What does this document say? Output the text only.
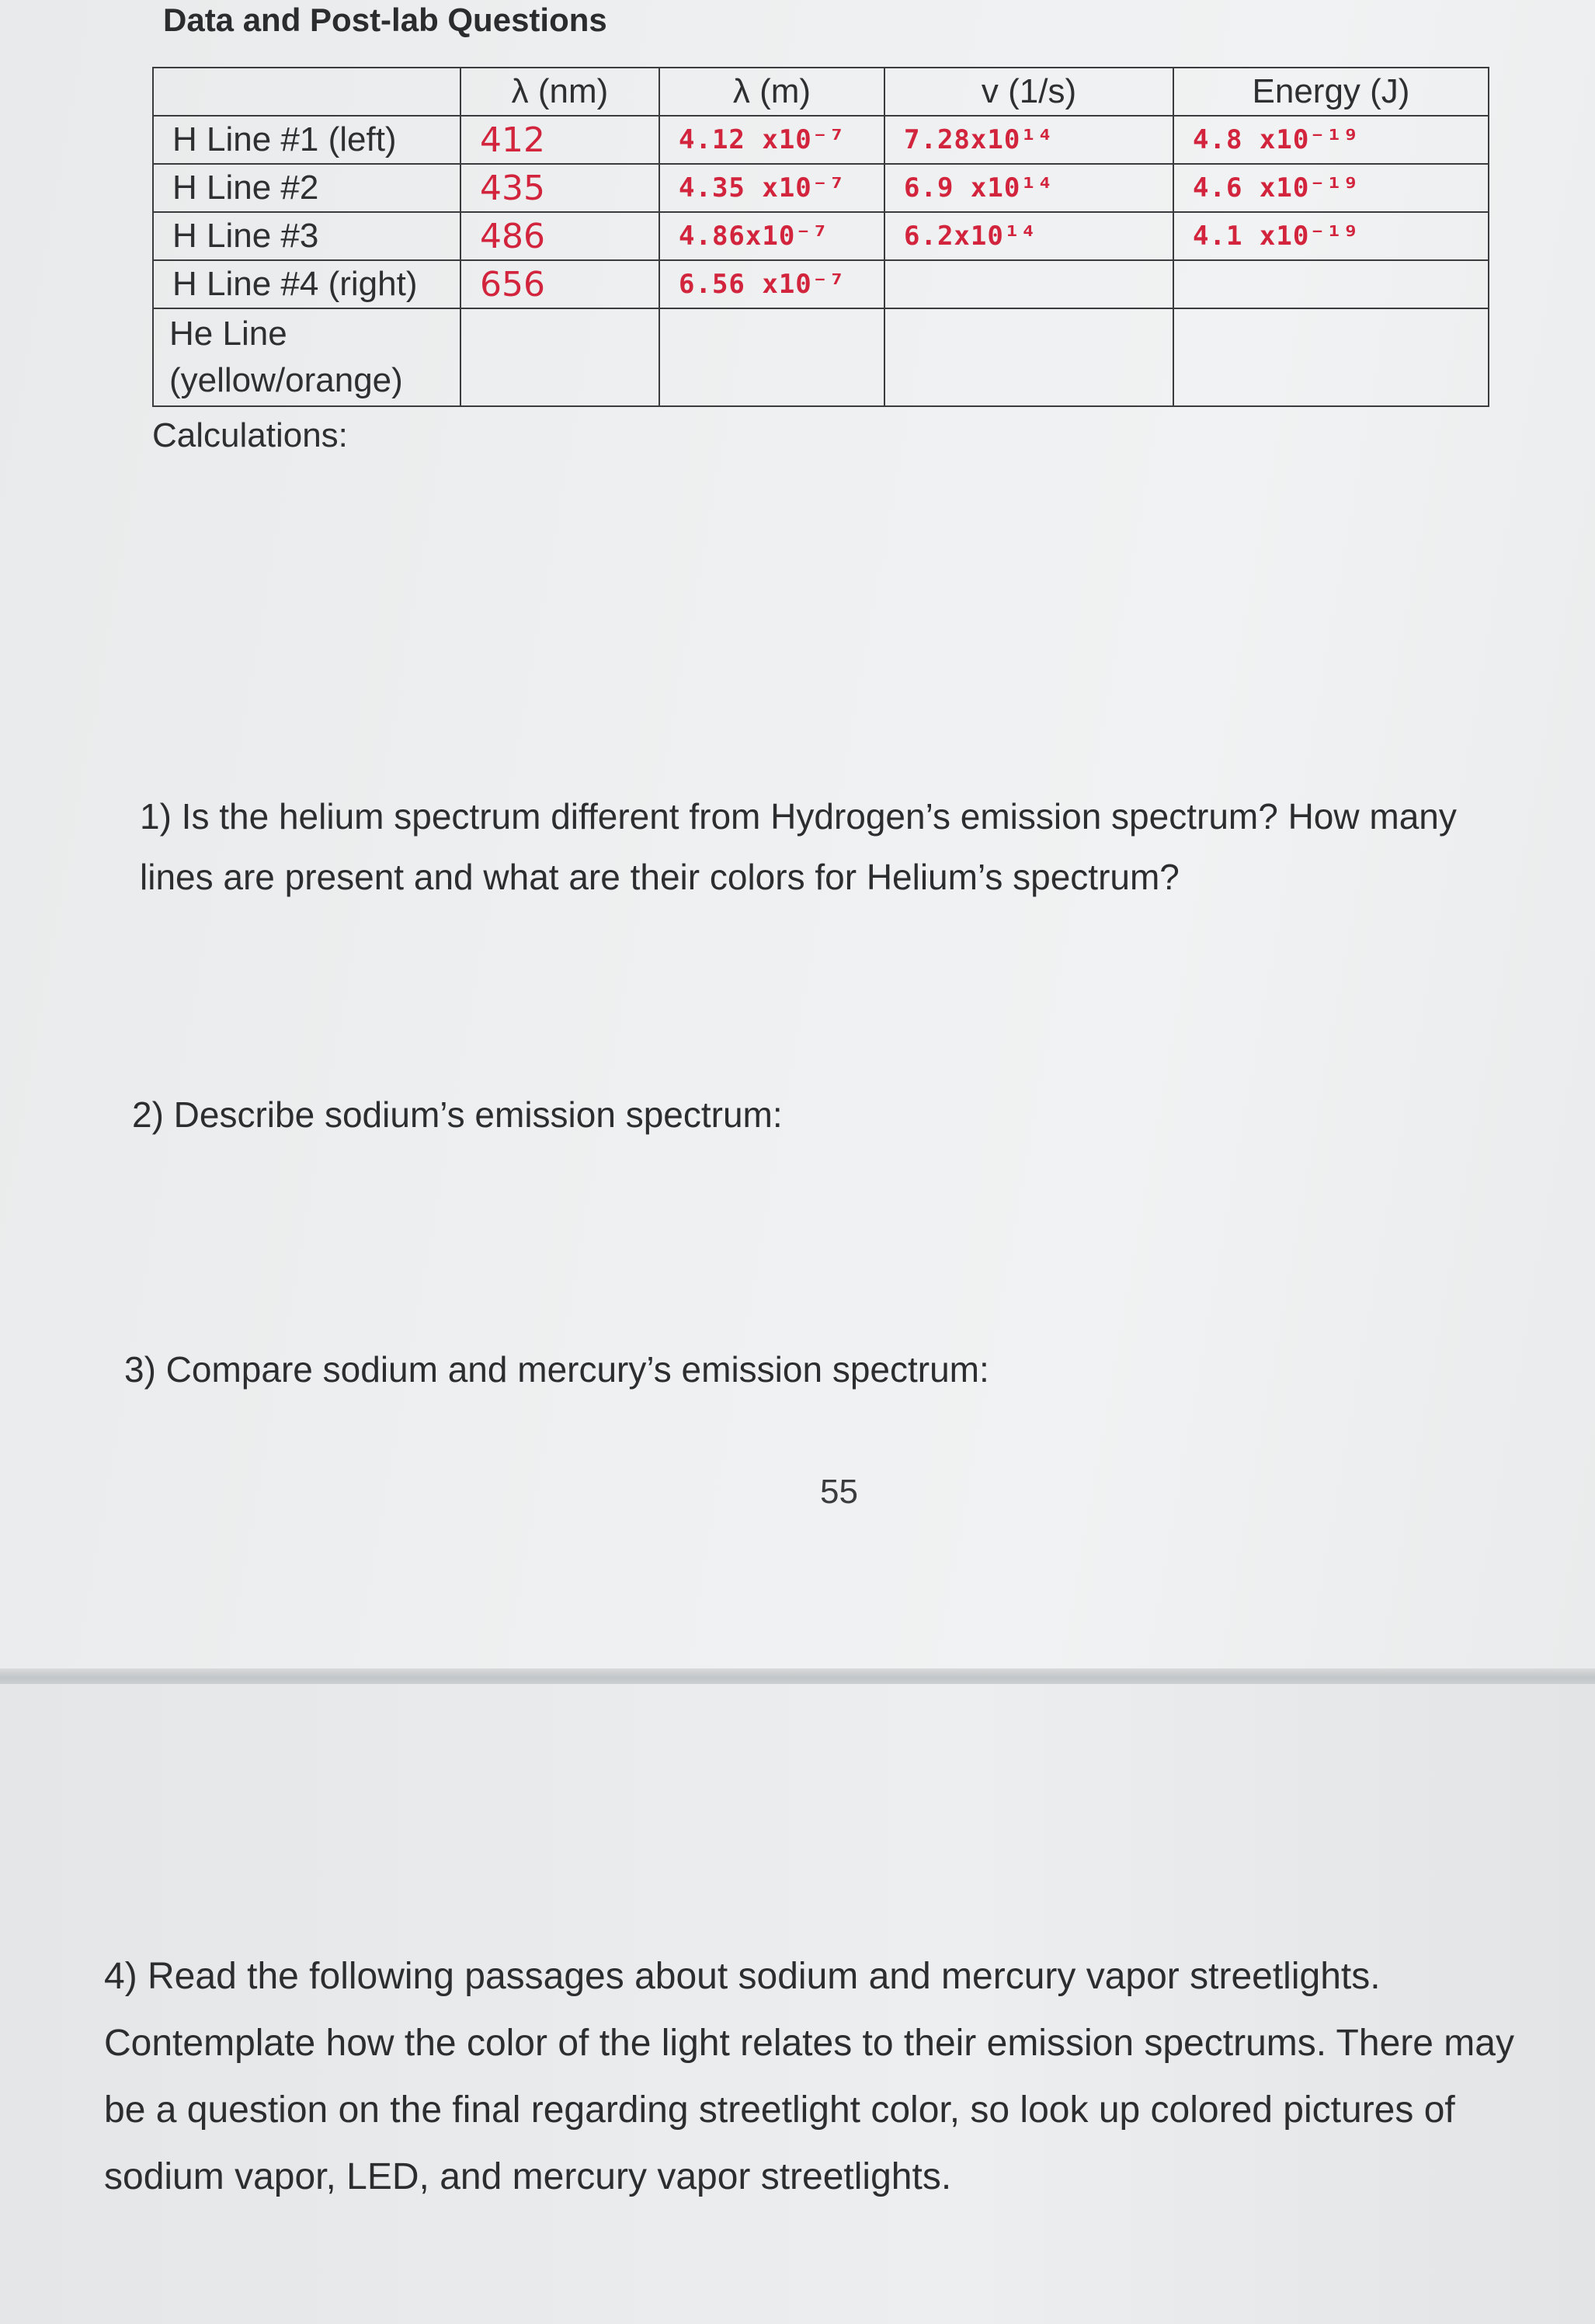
Data and Post-lab Questions
	λ (nm)	λ (m)	v (1/s)	Energy (J)
H Line #1 (left)	412	4.12 x10⁻⁷	7.28x10¹⁴	4.8 x10⁻¹⁹
H Line #2	435	4.35 x10⁻⁷	6.9 x10¹⁴	4.6 x10⁻¹⁹
H Line #3	486	4.86x10⁻⁷	6.2x10¹⁴	4.1 x10⁻¹⁹
H Line #4 (right)	656	6.56 x10⁻⁷		
He Line (yellow/orange)				
Calculations:

1) Is the helium spectrum different from Hydrogen’s emission spectrum? How many lines are present and what are their colors for Helium’s spectrum?

2) Describe sodium’s emission spectrum:

3) Compare sodium and mercury’s emission spectrum:

55

4) Read the following passages about sodium and mercury vapor streetlights. Contemplate how the color of the light relates to their emission spectrums. There may be a question on the final regarding streetlight color, so look up colored pictures of sodium vapor, LED, and mercury vapor streetlights.
